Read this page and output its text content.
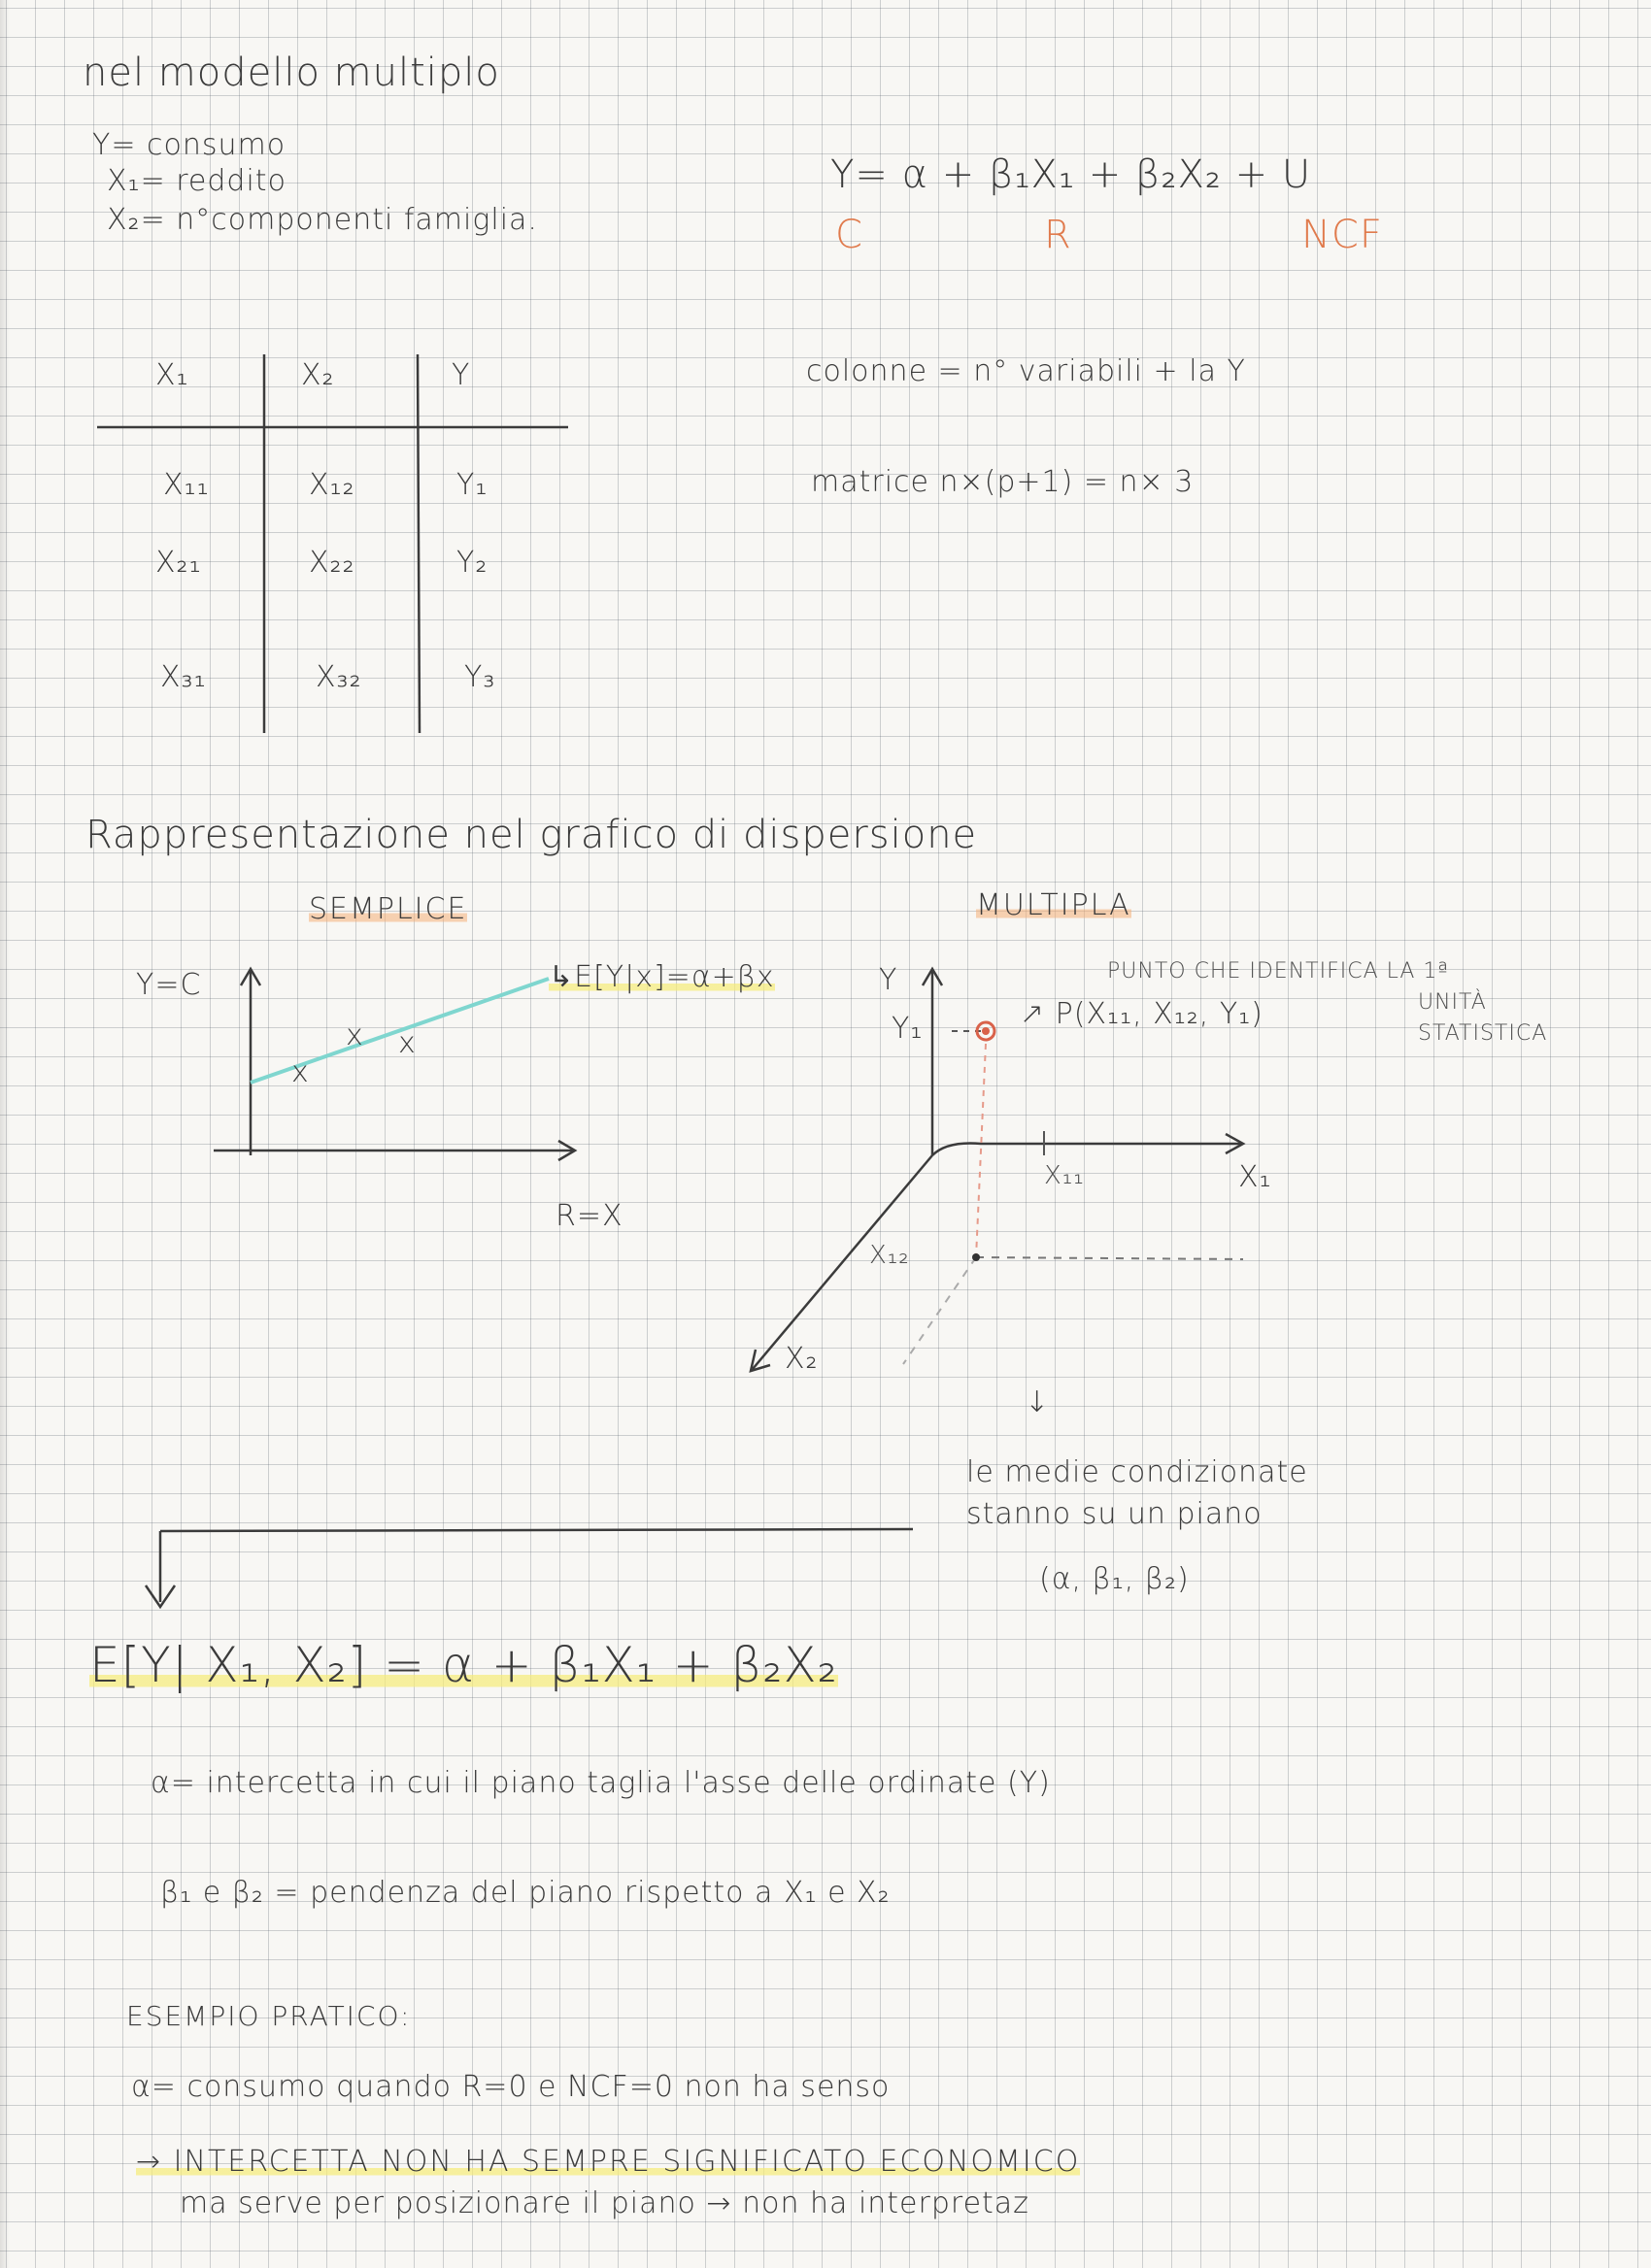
nel modello multiplo
Y= consumo
X₁= reddito
X₂= n°componenti famiglia.
Y= α + β₁X₁ + β₂X₂ + U
C	R	NCF
X₁	X₂	Y
X₁₁	X₁₂	Y₁
X₂₁	X₂₂	Y₂
X₃₁	X₃₂	Y₃
colonne = n° variabili + la Y
matrice n×(p+1) = n× 3
Rappresentazione nel grafico di dispersione
SEMPLICE	MULTIPLA
Y=C
R=X
↳E[Y|x]=α+βx
x
x x
Y
Y₁
X₁
X₂
X₁₁
X₁₂
↗ P(X₁₁, X₁₂, Y₁)
PUNTO CHE IDENTIFICA LA 1ª
UNITÀ
STATISTICA
↓
le medie condizionate
stanno su un piano
(α, β₁, β₂)
E[Y| X₁, X₂] = α + β₁X₁ + β₂X₂
α= intercetta in cui il piano taglia l'asse delle ordinate (Y)
β₁ e β₂ = pendenza del piano rispetto a X₁ e X₂
ESEMPIO PRATICO:
α= consumo quando R=0 e NCF=0 non ha senso
→ INTERCETTA NON HA SEMPRE SIGNIFICATO ECONOMICO
ma serve per posizionare il piano → non ha interpretaz
